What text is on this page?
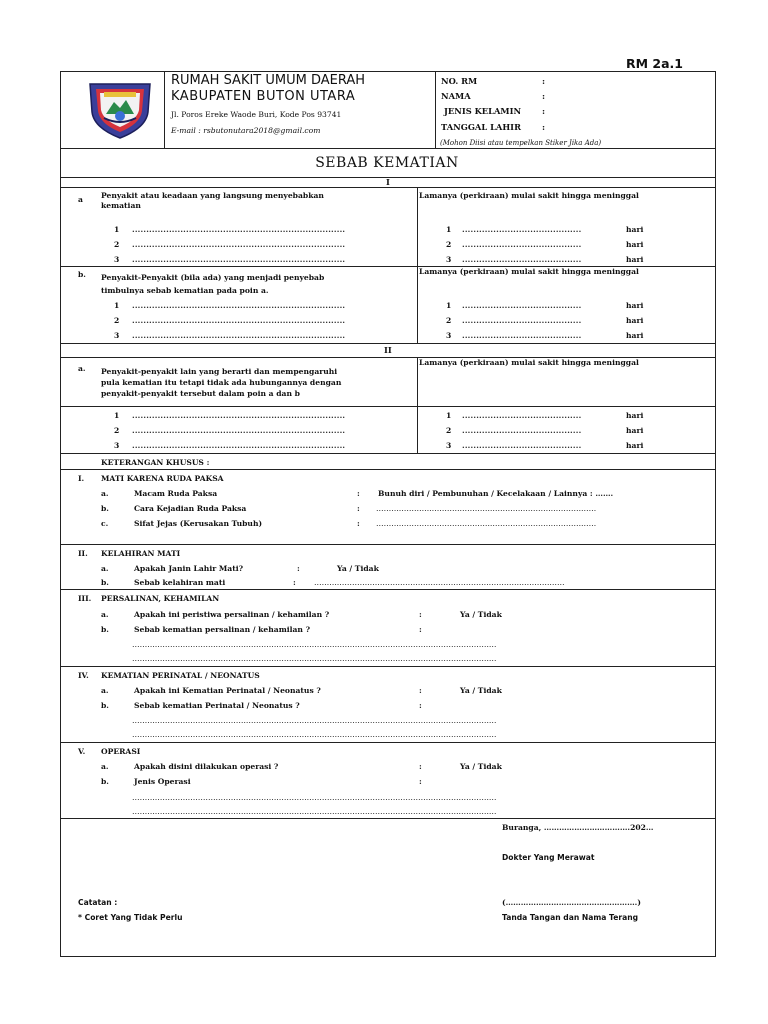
RM 2a.1
RUMAH SAKIT UMUM DAERAH
KABUPATEN BUTON UTARA
Jl. Poros Ereke Waode Buri, Kode Pos 93741
E-mail : rsbutonutara2018@gmail.com
NO. RM	:
NAMA	:
JENIS KELAMIN	:
TANGGAL LAHIR	:
(Mohon Diisi atau tempelkan Stiker Jika Ada)
SEBAB KEMATIAN
I
a Penyakit atau keadaan yang langsung menyebabkan
kematian
Lamanya (perkiraan) mulai sakit hingga meninggal
1 ...........................................................................	1 ..........................................	hari
2 ...........................................................................	2 ..........................................	hari
3 ...........................................................................	3 ..........................................	hari
b. Penyakit-Penyakit (bila ada) yang menjadi penyebab
timbulnya sebab kematian pada poin a.
Lamanya (perkiraan) mulai sakit hingga meninggal
1 ...........................................................................	1 ..........................................	hari
2 ...........................................................................	2 ..........................................	hari
3 ...........................................................................	3 ..........................................	hari
II
a. Penyakit-penyakit lain yang berarti dan mempengaruhi
pula kematian itu tetapi tidak ada hubungannya dengan
penyakit-penyakit tersebut dalam poin a dan b
Lamanya (perkiraan) mulai sakit hingga meninggal
1 ...........................................................................	1 ..........................................	hari
2 ...........................................................................	2 ..........................................	hari
3 ...........................................................................	3 ..........................................	hari
KETERANGAN KHUSUS :
I. MATI KARENA RUDA PAKSA
a.	Macam Ruda Paksa	: Bunuh diri / Pembunuhan / Kecelakaan / Lainnya : …….
b.	Cara Kejadian Ruda Paksa	: ……………………………………………………………………………
c.	Sifat Jejas (Kerusakan Tubuh)	: ……………………………………………………………………………
II. KELAHIRAN MATI
a.	Apakah Janin Lahir Mati?	:	Ya / Tidak
b.	Sebab kelahiran mati	: ………………………………………………………………………………………
III. PERSALINAN, KEHAMILAN
a.	Apakah ini peristiwa persalinan / kehamilan ?	:	Ya / Tidak
b.	Sebab kematian persalinan / kehamilan ?	:
………………………………………………………………………………………………………………………………
………………………………………………………………………………………………………………………………
IV. KEMATIAN PERINATAL / NEONATUS
a.	Apakah ini Kematian Perinatal / Neonatus ?	:	Ya / Tidak
b.	Sebab kematian Perinatal / Neonatus ?	:
………………………………………………………………………………………………………………………………
………………………………………………………………………………………………………………………………
V. OPERASI
a.	Apakah disini dilakukan operasi ?	:	Ya / Tidak
b.	Jenis Operasi	:
………………………………………………………………………………………………………………………………
………………………………………………………………………………………………………………………………
Buranga, …………………………….202…
Dokter Yang Merawat
Catatan :	(…………………………………………….)
* Coret Yang Tidak Perlu	Tanda Tangan dan Nama Terang
